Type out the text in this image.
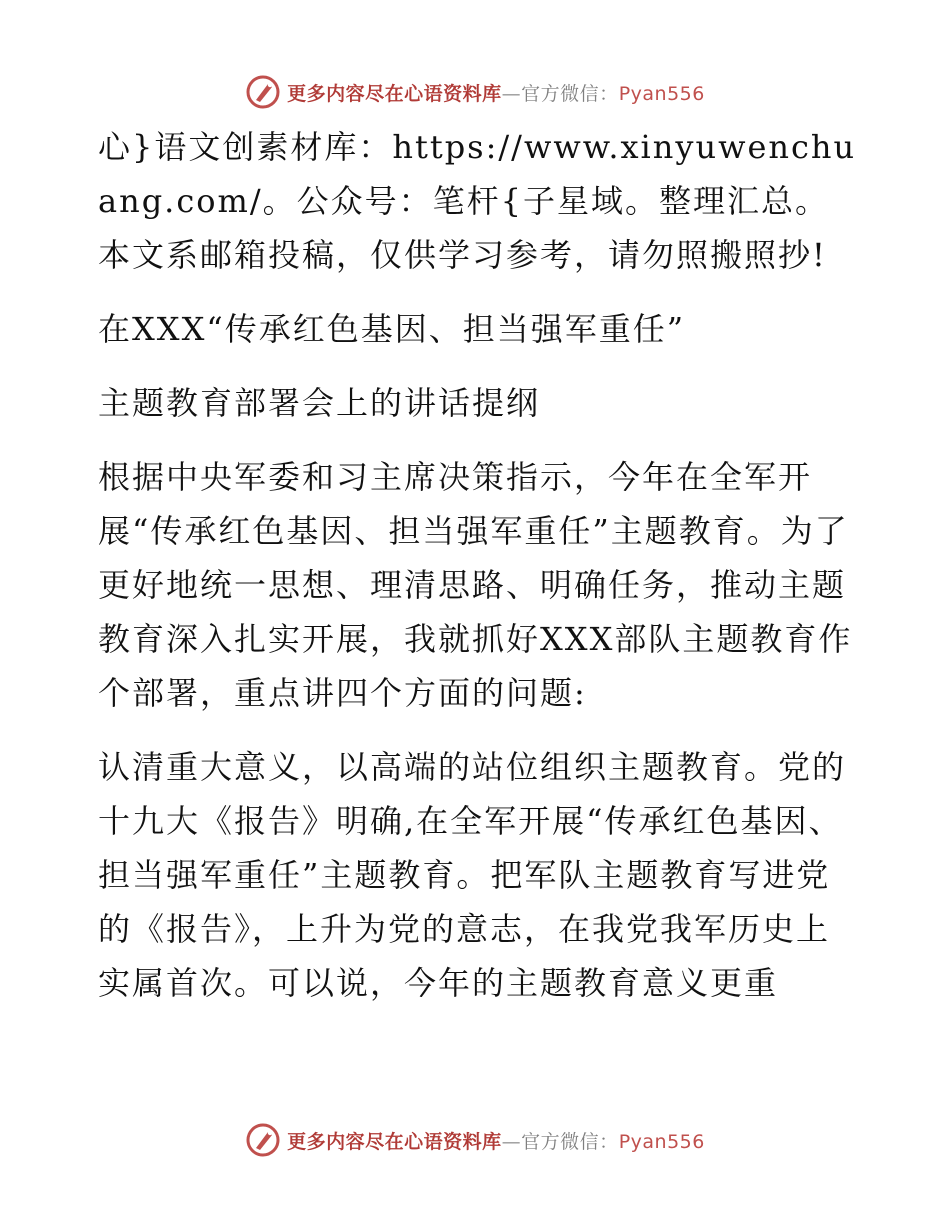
更多内容尽在心语资料库—官方微信：Pyan556

心}语文创素材库：https://www.xinyuwenchuang.com/。公众号：笔杆{子星域。整理汇总。本文系邮箱投稿，仅供学习参考，请勿照搬照抄!

在XXX“传承红色基因、担当强军重任”

主题教育部署会上的讲话提纲

根据中央军委和习主席决策指示，今年在全军开展“传承红色基因、担当强军重任”主题教育。为了更好地统一思想、理清思路、明确任务，推动主题教育深入扎实开展，我就抓好XXX部队主题教育作个部署，重点讲四个方面的问题:

认清重大意义，以高端的站位组织主题教育。党的十九大《报告》明确,在全军开展“传承红色基因、担当强军重任”主题教育。把军队主题教育写进党的《报告》，上升为党的意志，在我党我军历史上实属首次。可以说，今年的主题教育意义更重

更多内容尽在心语资料库—官方微信：Pyan556
